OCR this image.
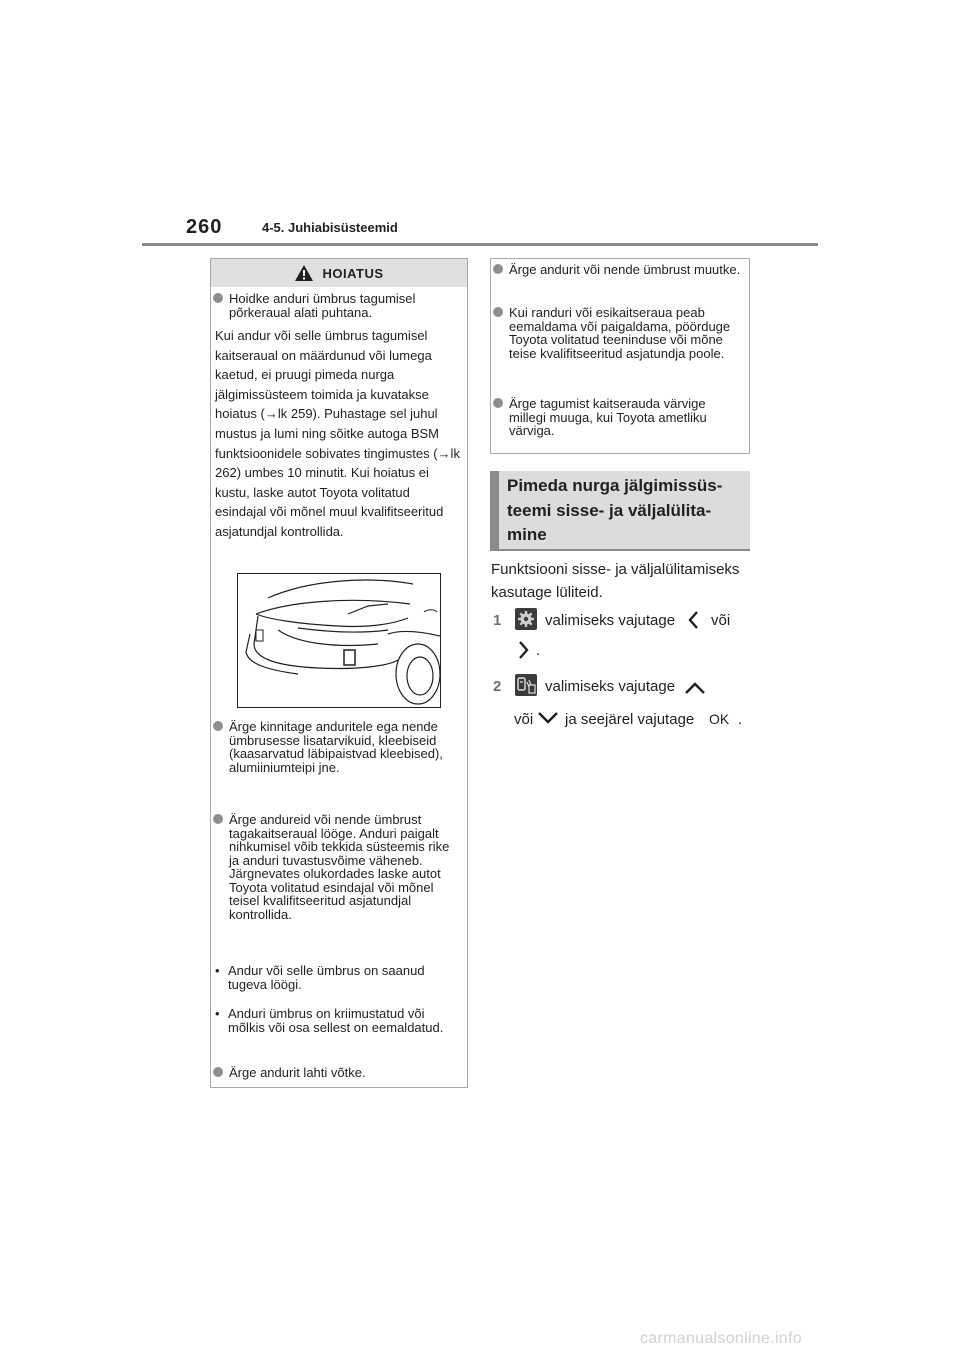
260	4-5. Juhiabisüsteemid
HOIATUS
Hoidke anduri ümbrus tagumisel põrkeraual alati puhtana.
Kui andur või selle ümbrus tagumisel kaitseraual on määrdunud või lumega kaetud, ei pruugi pimeda nurga jälgimissüsteem toimida ja kuvatakse hoiatus (→lk 259). Puhastage sel juhul mustus ja lumi ning sõitke autoga BSM funktsioonidele sobivates tingimustes (→lk 262) umbes 10 minutit. Kui hoiatus ei kustu, laske autot Toyota volitatud esindajal või mõnel muul kvalifitseeritud asjatundjal kontrollida.
Ärge kinnitage anduritele ega nende ümbrusesse lisatarvikuid, kleebiseid (kaasarvatud läbipaistvad kleebised), alumiiniumteipi jne.
Ärge andureid või nende ümbrust tagakaitseraual lööge. Anduri paigalt nihkumisel võib tekkida süsteemis rike ja anduri tuvastusvõime väheneb. Järgnevates olukordades laske autot Toyota volitatud esindajal või mõnel teisel kvalifitseeritud asjatundjal kontrollida.
• Andur või selle ümbrus on saanud tugeva löögi.
• Anduri ümbrus on kriimustatud või mõlkis või osa sellest on eemaldatud.
Ärge andurit lahti võtke.
Ärge andurit või nende ümbrust muutke.
Kui randuri või esikaitseraua peab eemaldama või paigaldama, pöörduge Toyota volitatud teeninduse või mõne teise kvalifitseeritud asjatundja poole.
Ärge tagumist kaitserauda värvige millegi muuga, kui Toyota ametliku värviga.
Pimeda nurga jälgimissüs-teemi sisse- ja väljalülita-mine
Funktsiooni sisse- ja väljalülitamiseks kasutage lüliteid.
1	valimiseks vajutage või
.
2	valimiseks vajutage
või ja seejärel vajutage OK .
carmanualsonline.info
